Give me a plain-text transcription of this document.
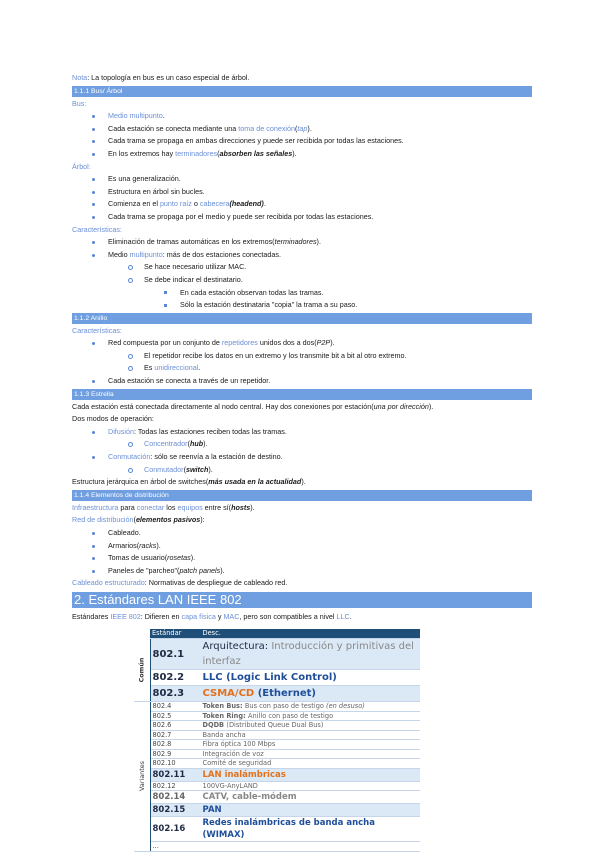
Nota: La topología en bus es un caso especial de árbol.
1.1.1 Bus/ Árbol
Bus:
Medio multipunto.
Cada estación se conecta mediante una toma de conexión(tap).
Cada trama se propaga en ambas direcciones y puede ser recibida por todas las estaciones.
En los extremos hay terminadores(absorben las señales).
Árbol:
Es una generalización.
Estructura en árbol sin bucles.
Comienza en el punto raíz o cabecera(headend).
Cada trama se propaga por el medio y puede ser recibida por todas las estaciones.
Características:
Eliminación de tramas automáticas en los extremos(terminadores).
Medio multipunto: más de dos estaciones conectadas.
Se hace necesario utilizar MAC.
Se debe indicar el destinatario.
En cada estación observan todas las tramas.
Sólo la estación destinataria "copia" la trama a su paso.
1.1.2 Anillo
Características:
Red compuesta por un conjunto de repetidores unidos dos a dos(P2P).
El repetidor recibe los datos en un extremo y los transmite bit a bit al otro extremo.
Es unidireccional.
Cada estación se conecta a través de un repetidor.
1.1.3 Estrella
Cada estación está conectada directamente al nodo central. Hay dos conexiones por estación(una por dirección).
Dos modos de operación:
Difusión: Todas las estaciones reciben todas las tramas.
Concentrador(hub).
Conmutación: sólo se reenvía a la estación de destino.
Conmutador(switch).
Estructura jerárquica en árbol de switches(más usada en la actualidad).
1.1.4 Elementos de distribución
Infraestructura para conectar los equipos entre sí(hosts).
Red de distribución(elementos pasivos):
Cableado.
Armarios(racks).
Tomas de usuario(rosetas).
Paneles de "parcheo"(patch panels).
Cableado estructurado: Normativas de despliegue de cableado red.
2. Estándares LAN IEEE 802
Estándares IEEE 802: Difieren en capa física y MAC, pero son compatibles a nivel LLC.
	Estándar	Desc.

Común	802.1	Arquitectura: Introducción y primitivas del interfaz
	802.2	LLC (Logic Link Control)
	802.3	CSMA/CD (Ethernet)

Variantes	802.4	Token Bus: Bus con paso de testigo (en desuso)
	802.5	Token Ring: Anillo con paso de testigo
	802.6	DQDB (Distributed Queue Dual Bus)
	802.7	Banda ancha
	802.8	Fibra óptica 100 Mbps
	802.9	Integración de voz
	802.10	Comité de seguridad
	802.11	LAN inalámbricas
	802.12	100VG-AnyLAND
	802.14	CATV, cable-módem
	802.15	PAN
	802.16	Redes inalámbricas de banda ancha (WIMAX)
	...	
